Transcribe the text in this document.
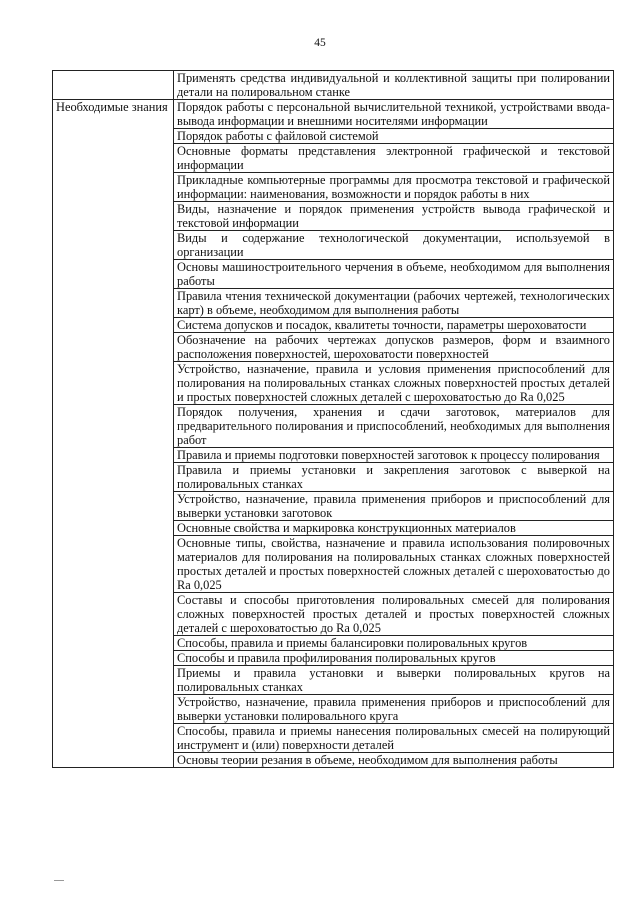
45
	Применять средства индивидуальной и коллективной защиты при полировании детали на полировальном станке
Необходимые знания	Порядок работы с персональной вычислительной техникой, устройствами ввода-вывода информации и внешними носителями информации
	Порядок работы с файловой системой
	Основные форматы представления электронной графической и текстовой информации
	Прикладные компьютерные программы для просмотра текстовой и графической информации: наименования, возможности и порядок работы в них
	Виды, назначение и порядок применения устройств вывода графической и текстовой информации
	Виды и содержание технологической документации, используемой в организации
	Основы машиностроительного черчения в объеме, необходимом для выполнения работы
	Правила чтения технической документации (рабочих чертежей, технологических карт) в объеме, необходимом для выполнения работы
	Система допусков и посадок, квалитеты точности, параметры шероховатости
	Обозначение на рабочих чертежах допусков размеров, форм и взаимного расположения поверхностей, шероховатости поверхностей
	Устройство, назначение, правила и условия применения приспособлений для полирования на полировальных станках сложных поверхностей простых деталей и простых поверхностей сложных деталей с шероховатостью до Ra 0,025
	Порядок получения, хранения и сдачи заготовок, материалов для предварительного полирования и приспособлений, необходимых для выполнения работ
	Правила и приемы подготовки поверхностей заготовок к процессу полирования
	Правила и приемы установки и закрепления заготовок с выверкой на полировальных станках
	Устройство, назначение, правила применения приборов и приспособлений для выверки установки заготовок
	Основные свойства и маркировка конструкционных материалов
	Основные типы, свойства, назначение и правила использования полировочных материалов для полирования на полировальных станках сложных поверхностей простых деталей и простых поверхностей сложных деталей с шероховатостью до Ra 0,025
	Составы и способы приготовления полировальных смесей для полирования сложных поверхностей простых деталей и простых поверхностей сложных деталей с шероховатостью до Ra 0,025
	Способы, правила и приемы балансировки полировальных кругов
	Способы и правила профилирования полировальных кругов
	Приемы и правила установки и выверки полировальных кругов на полировальных станках
	Устройство, назначение, правила применения приборов и приспособлений для выверки установки полировального круга
	Способы, правила и приемы нанесения полировальных смесей на полирующий инструмент и (или) поверхности деталей
	Основы теории резания в объеме, необходимом для выполнения работы
